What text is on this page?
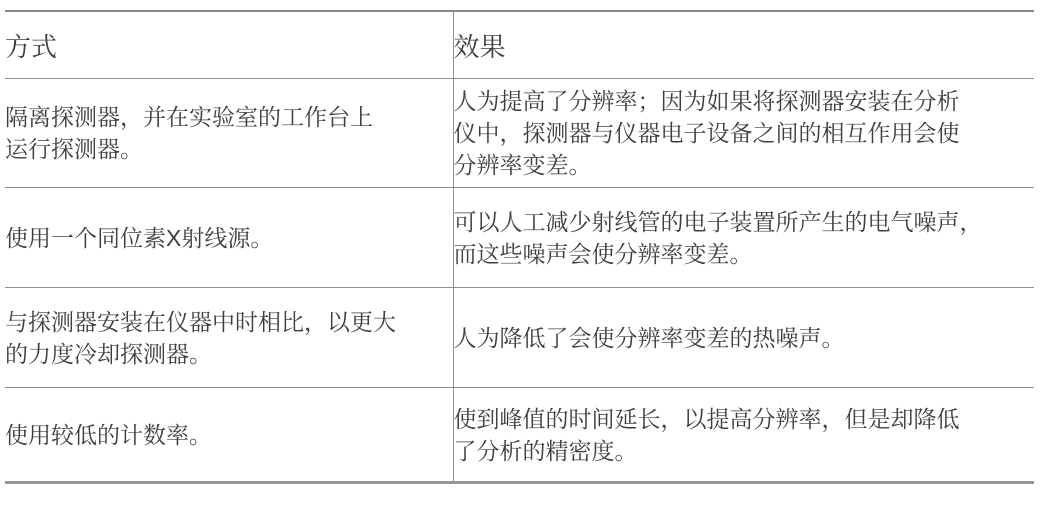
方式	效果

隔离探测器，并在实验室的工作台上
运行探测器。	人为提高了分辨率；因为如果将探测器安装在分析
仪中，探测器与仪器电子设备之间的相互作用会使
分辨率变差。

使用一个同位素X射线源。	可以人工减少射线管的电子装置所产生的电气噪声，
而这些噪声会使分辨率变差。

与探测器安装在仪器中时相比，以更大
的力度冷却探测器。	人为降低了会使分辨率变差的热噪声。

使用较低的计数率。	使到峰值的时间延长，以提高分辨率，但是却降低
了分析的精密度。
